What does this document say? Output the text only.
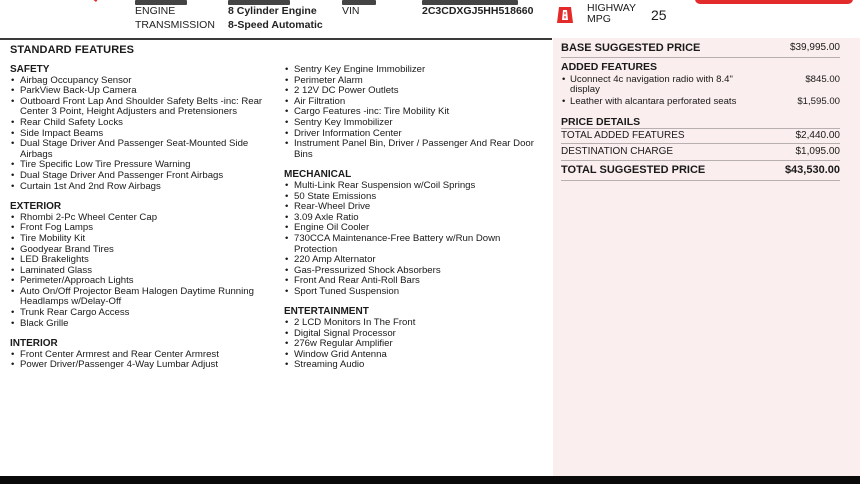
ENGINE	8 Cylinder Engine VIN	2C3CDXGJ5HH518660
TRANSMISSION 8-Speed Automatic
HIGHWAY MPG	25
STANDARD FEATURES
SAFETY
• Airbag Occupancy Sensor
• ParkView Back-Up Camera
• Outboard Front Lap And Shoulder Safety Belts -inc: Rear Center 3 Point, Height Adjusters and Pretensioners
• Rear Child Safety Locks
• Side Impact Beams
• Dual Stage Driver And Passenger Seat-Mounted Side Airbags
• Tire Specific Low Tire Pressure Warning
• Dual Stage Driver And Passenger Front Airbags
• Curtain 1st And 2nd Row Airbags
EXTERIOR
• Rhombi 2-Pc Wheel Center Cap
• Front Fog Lamps
• Tire Mobility Kit
• Goodyear Brand Tires
• LED Brakelights
• Laminated Glass
• Perimeter/Approach Lights
• Auto On/Off Projector Beam Halogen Daytime Running Headlamps w/Delay-Off
• Trunk Rear Cargo Access
• Black Grille
INTERIOR
• Front Center Armrest and Rear Center Armrest
• Power Driver/Passenger 4-Way Lumbar Adjust
• Sentry Key Engine Immobilizer
• Perimeter Alarm
• 2 12V DC Power Outlets
• Air Filtration
• Cargo Features -inc: Tire Mobility Kit
• Sentry Key Immobilizer
• Driver Information Center
• Instrument Panel Bin, Driver / Passenger And Rear Door Bins
MECHANICAL
• Multi-Link Rear Suspension w/Coil Springs
• 50 State Emissions
• Rear-Wheel Drive
• 3.09 Axle Ratio
• Engine Oil Cooler
• 730CCA Maintenance-Free Battery w/Run Down Protection
• 220 Amp Alternator
• Gas-Pressurized Shock Absorbers
• Front And Rear Anti-Roll Bars
• Sport Tuned Suspension
ENTERTAINMENT
• 2 LCD Monitors In The Front
• Digital Signal Processor
• 276w Regular Amplifier
• Window Grid Antenna
• Streaming Audio
BASE SUGGESTED PRICE	$39,995.00
ADDED FEATURES
• Uconnect 4c navigation radio with 8.4" display
$845.00
• Leather with alcantara perforated seats	$1,595.00
PRICE DETAILS
TOTAL ADDED FEATURES	$2,440.00
DESTINATION CHARGE	$1,095.00
TOTAL SUGGESTED PRICE	$43,530.00
